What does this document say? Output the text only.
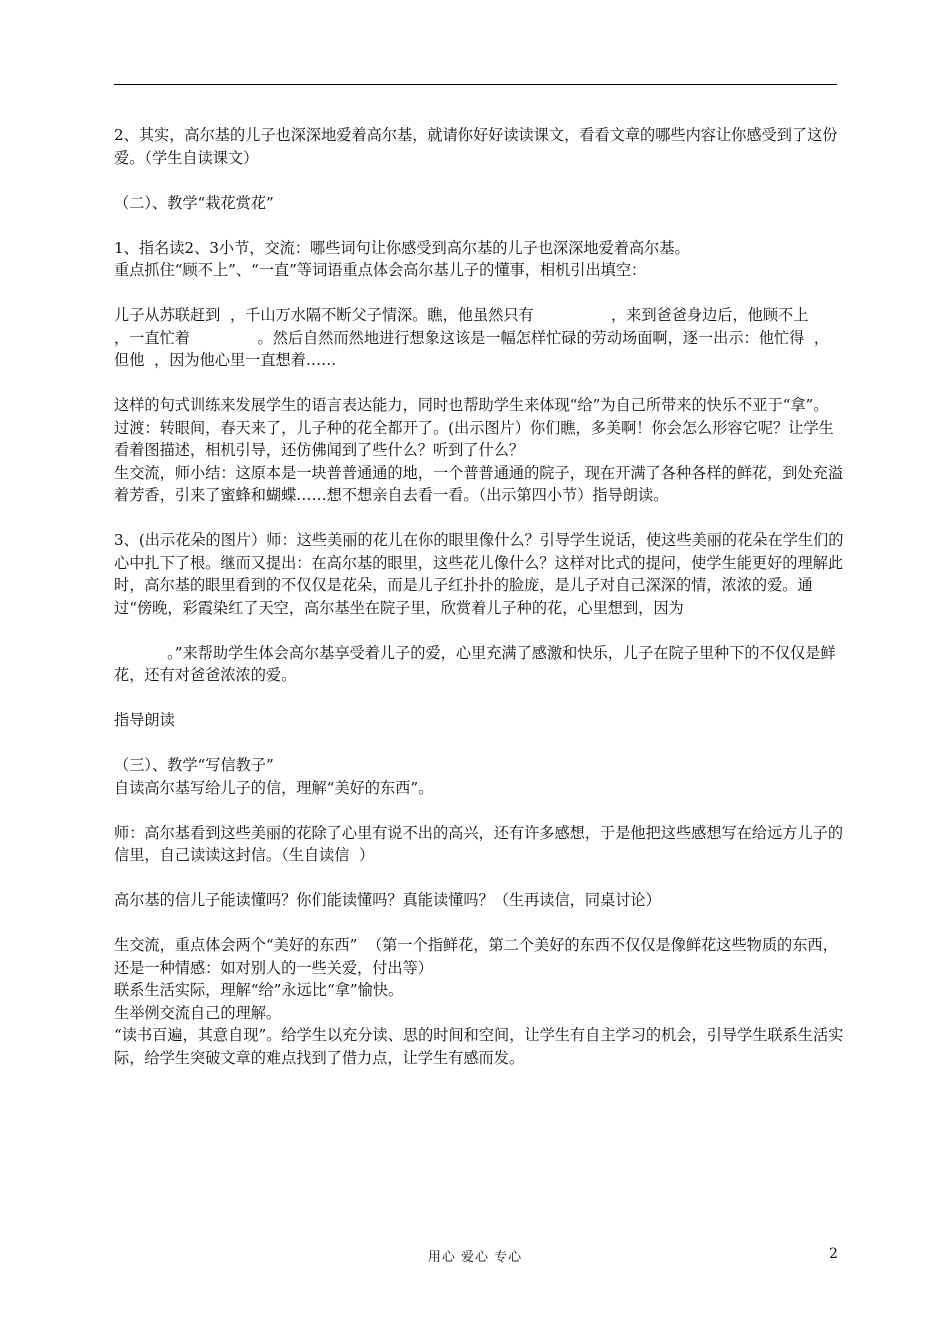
2、其实，高尔基的儿子也深深地爱着高尔基，就请你好好读读课文，看看文章的哪些内容让你感受到了这份爱。（学生自读课文）

（二）、教学“栽花赏花”

1、指名读2、3小节，交流：哪些词句让你感受到高尔基的儿子也深深地爱着高尔基。

重点抓住“顾不上”、“一直”等词语重点体会高尔基儿子的懂事，相机引出填空：

儿子从苏联赶到  ，千山万水隔不断父子情深。瞧，他虽然只有                ，来到爸爸身边后，他顾不上            ，一直忙着              。然后自然而然地进行想象这该是一幅怎样忙碌的劳动场面啊，逐一出示：他忙得  ，但他  ，因为他心里一直想着……

这样的句式训练来发展学生的语言表达能力，同时也帮助学生来体现“给”为自己所带来的快乐不亚于“拿”。

过渡：转眼间，春天来了，儿子种的花全都开了。(出示图片）你们瞧，多美啊！你会怎么形容它呢？让学生看着图描述，相机引导，还仿佛闻到了些什么？听到了什么？

生交流，师小结：这原本是一块普普通通的地，一个普普通通的院子，现在开满了各种各样的鲜花，到处充溢着芳香，引来了蜜蜂和蝴蝶……想不想亲自去看一看。（出示第四小节）指导朗读。

3、(出示花朵的图片）师：这些美丽的花儿在你的眼里像什么？引导学生说话，使这些美丽的花朵在学生们的心中扎下了根。继而又提出：在高尔基的眼里，这些花儿像什么？这样对比式的提问，使学生能更好的理解此时，高尔基的眼里看到的不仅仅是花朵，而是儿子红扑扑的脸庞，是儿子对自己深深的情，浓浓的爱。通过“傍晚，彩霞染红了天空，高尔基坐在院子里，欣赏着儿子种的花，心里想到，因为

。”来帮助学生体会高尔基享受着儿子的爱，心里充满了感激和快乐，儿子在院子里种下的不仅仅是鲜花，还有对爸爸浓浓的爱。

指导朗读

（三）、教学“写信教子”

自读高尔基写给儿子的信，理解“美好的东西”。

师：高尔基看到这些美丽的花除了心里有说不出的高兴，还有许多感想，于是他把这些感想写在给远方儿子的信里，自己读读这封信。（生自读信  ）

高尔基的信儿子能读懂吗？你们能读懂吗？真能读懂吗？（生再读信，同桌讨论）

生交流，重点体会两个“美好的东西”  （第一个指鲜花，第二个美好的东西不仅仅是像鲜花这些物质的东西，还是一种情感：如对别人的一些关爱，付出等）

联系生活实际，理解“给”永远比“拿”愉快。

生举例交流自己的理解。

“读书百遍，其意自现”。给学生以充分读、思的时间和空间，让学生有自主学习的机会，引导学生联系生活实际，给学生突破文章的难点找到了借力点，让学生有感而发。

用心 爱心 专心	2
